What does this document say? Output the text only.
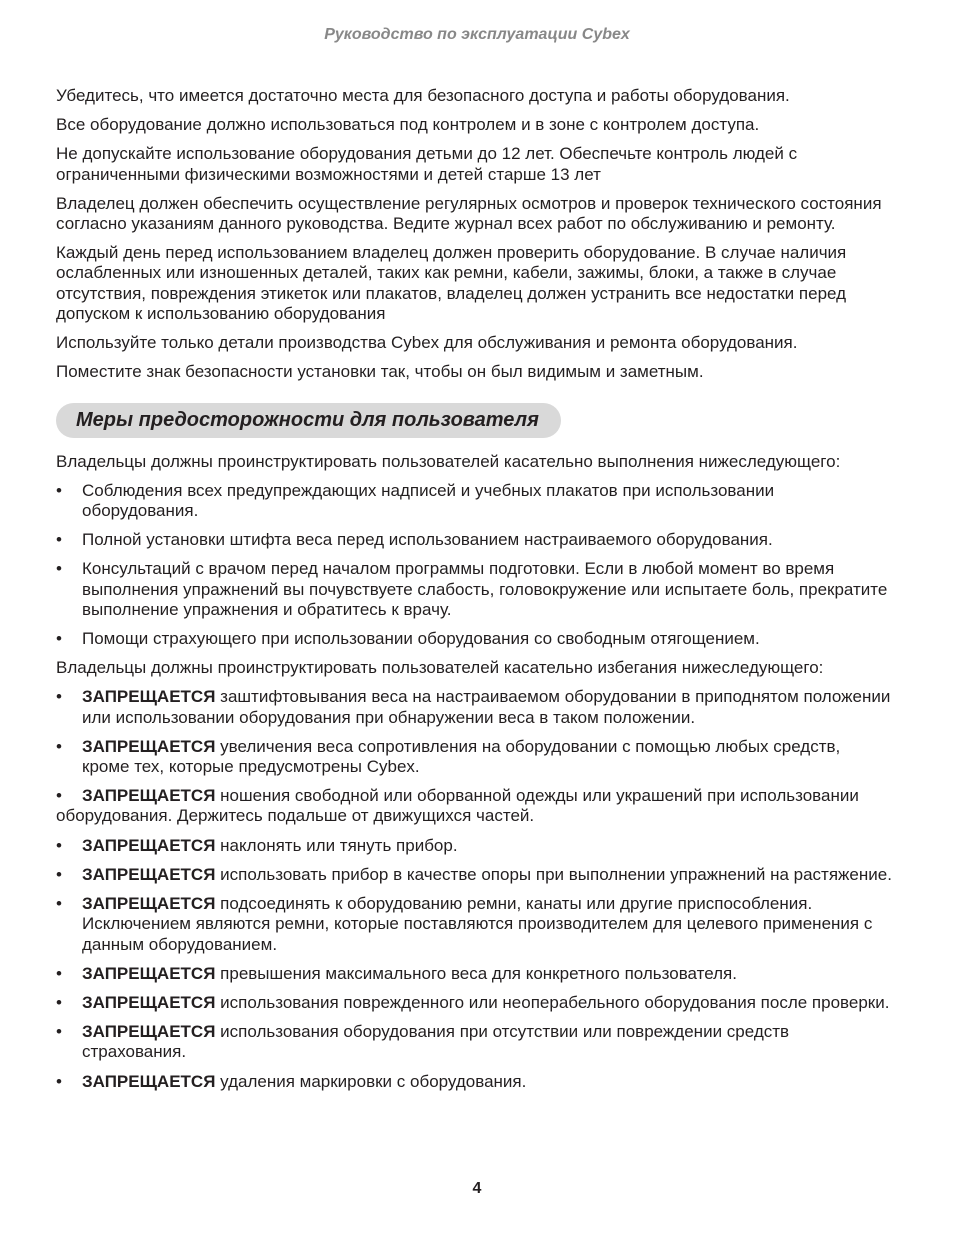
Руководство по эксплуатации Cybex

Убедитесь, что имеется достаточно места для безопасного доступа и работы оборудования.

Все оборудование должно использоваться под контролем и в зоне с контролем доступа.

Не допускайте использование оборудования детьми до 12 лет. Обеспечьте контроль людей с ограниченными физическими возможностями и детей старше 13 лет

Владелец должен обеспечить осуществление регулярных осмотров и проверок технического состояния согласно указаниям данного руководства. Ведите журнал всех работ по обслуживанию и ремонту.

Каждый день перед использованием владелец должен проверить оборудование. В случае наличия ослабленных или изношенных деталей, таких как ремни, кабели, зажимы, блоки, а также в случае отсутствия, повреждения этикеток или плакатов, владелец должен устранить все недостатки перед допуском к использованию оборудования

Используйте только детали производства Cybex для обслуживания и ремонта оборудования.

Поместите знак безопасности установки так, чтобы он был видимым и заметным.

Меры предосторожности для пользователя

Владельцы должны проинструктировать пользователей касательно выполнения нижеследующего:

• Соблюдения всех предупреждающих надписей и учебных плакатов при использовании оборудования.
• Полной установки штифта веса перед использованием настраиваемого оборудования.
• Консультаций с врачом перед началом программы подготовки. Если в любой момент во время выполнения упражнений вы почувствуете слабость, головокружение или испытаете боль, прекратите выполнение упражнения и обратитесь к врачу.
• Помощи страхующего при использовании оборудования со свободным отягощением.

Владельцы должны проинструктировать пользователей касательно избегания нижеследующего:

• ЗАПРЕЩАЕТСЯ заштифтовывания веса на настраиваемом оборудовании в приподнятом положении или использовании оборудования при обнаружении веса в таком положении.
• ЗАПРЕЩАЕТСЯ увеличения веса сопротивления на оборудовании с помощью любых средств, кроме тех, которые предусмотрены Cybex.

• ЗАПРЕЩАЕТСЯ ношения свободной или оборванной одежды или украшений при использовании оборудования. Держитесь подальше от движущихся частей.

• ЗАПРЕЩАЕТСЯ наклонять или тянуть прибор.
• ЗАПРЕЩАЕТСЯ использовать прибор в качестве опоры при выполнении упражнений на растяжение.
• ЗАПРЕЩАЕТСЯ подсоединять к оборудованию ремни, канаты или другие приспособления. Исключением являются ремни, которые поставляются производителем для целевого применения с данным оборудованием.
• ЗАПРЕЩАЕТСЯ превышения максимального веса для конкретного пользователя.
• ЗАПРЕЩАЕТСЯ использования поврежденного или неоперабельного оборудования после проверки.
• ЗАПРЕЩАЕТСЯ использования оборудования при отсутствии или повреждении средств страхования.
• ЗАПРЕЩАЕТСЯ удаления маркировки с оборудования.
4
